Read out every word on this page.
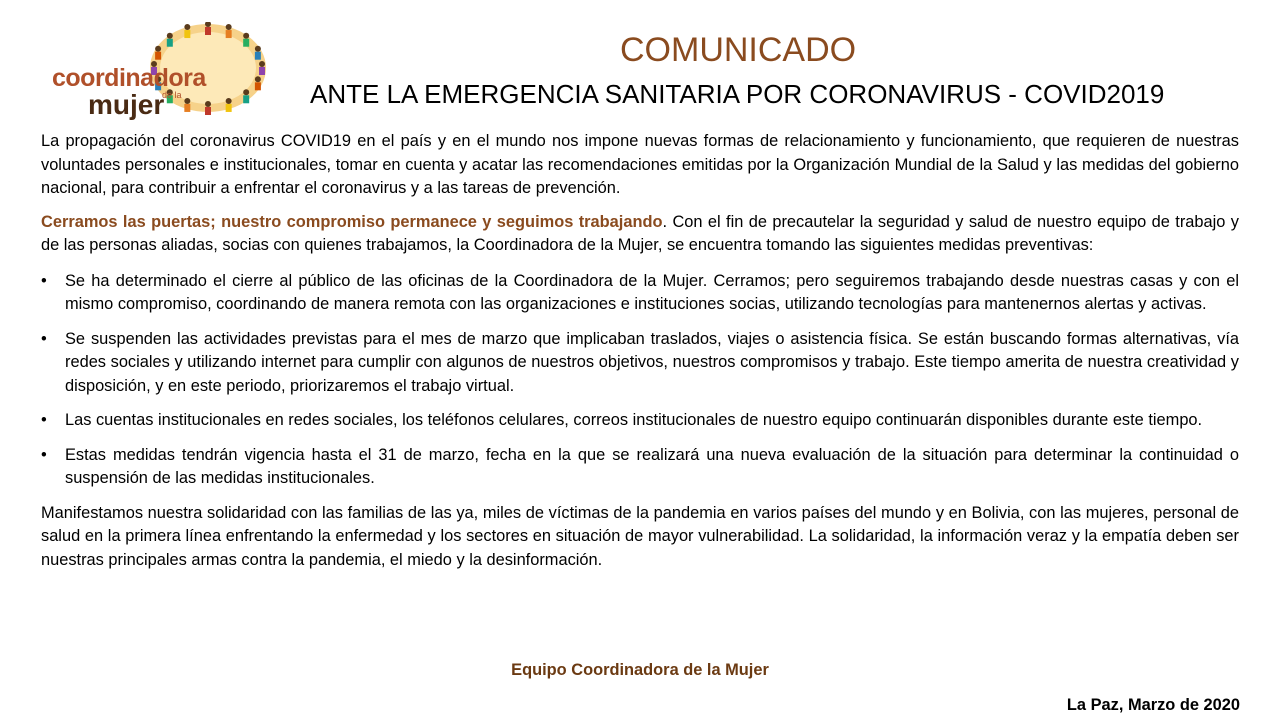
coordinadora
de la
mujer
COMUNICADO
ANTE LA EMERGENCIA SANITARIA POR CORONAVIRUS - COVID2019

La propagación del coronavirus COVID19 en el país y en el mundo nos impone nuevas formas de relacionamiento y funcionamiento, que requieren de nuestras voluntades personales e institucionales, tomar en cuenta y acatar las recomendaciones emitidas por la Organización Mundial de la Salud y las medidas del gobierno nacional, para contribuir a enfrentar el coronavirus y a las tareas de prevención.

Cerramos las puertas; nuestro compromiso permanece y seguimos trabajando. Con el fin de precautelar la seguridad y salud de nuestro equipo de trabajo y de las personas aliadas, socias con quienes trabajamos, la Coordinadora de la Mujer, se encuentra tomando las siguientes medidas preventivas:

• Se ha determinado el cierre al público de las oficinas de la Coordinadora de la Mujer. Cerramos; pero seguiremos trabajando desde nuestras casas y con el mismo compromiso, coordinando de manera remota con las organizaciones e instituciones socias, utilizando tecnologías para mantenernos alertas y activas.
• Se suspenden las actividades previstas para el mes de marzo que implicaban traslados, viajes o asistencia física. Se están buscando formas alternativas, vía redes sociales y utilizando internet para cumplir con algunos de nuestros objetivos, nuestros compromisos y trabajo. Este tiempo amerita de nuestra creatividad y disposición, y en este periodo, priorizaremos el trabajo virtual.
• Las cuentas institucionales en redes sociales, los teléfonos celulares, correos institucionales de nuestro equipo continuarán disponibles durante este tiempo.
• Estas medidas tendrán vigencia hasta el 31 de marzo, fecha en la que se realizará una nueva evaluación de la situación para determinar la continuidad o suspensión de las medidas institucionales.

Manifestamos nuestra solidaridad con las familias de las ya, miles de víctimas de la pandemia en varios países del mundo y en Bolivia, con las mujeres, personal de salud en la primera línea enfrentando la enfermedad y los sectores en situación de mayor vulnerabilidad. La solidaridad, la información veraz y la empatía deben ser nuestras principales armas contra la pandemia, el miedo y la desinformación.

Equipo Coordinadora de la Mujer
La Paz, Marzo de 2020
